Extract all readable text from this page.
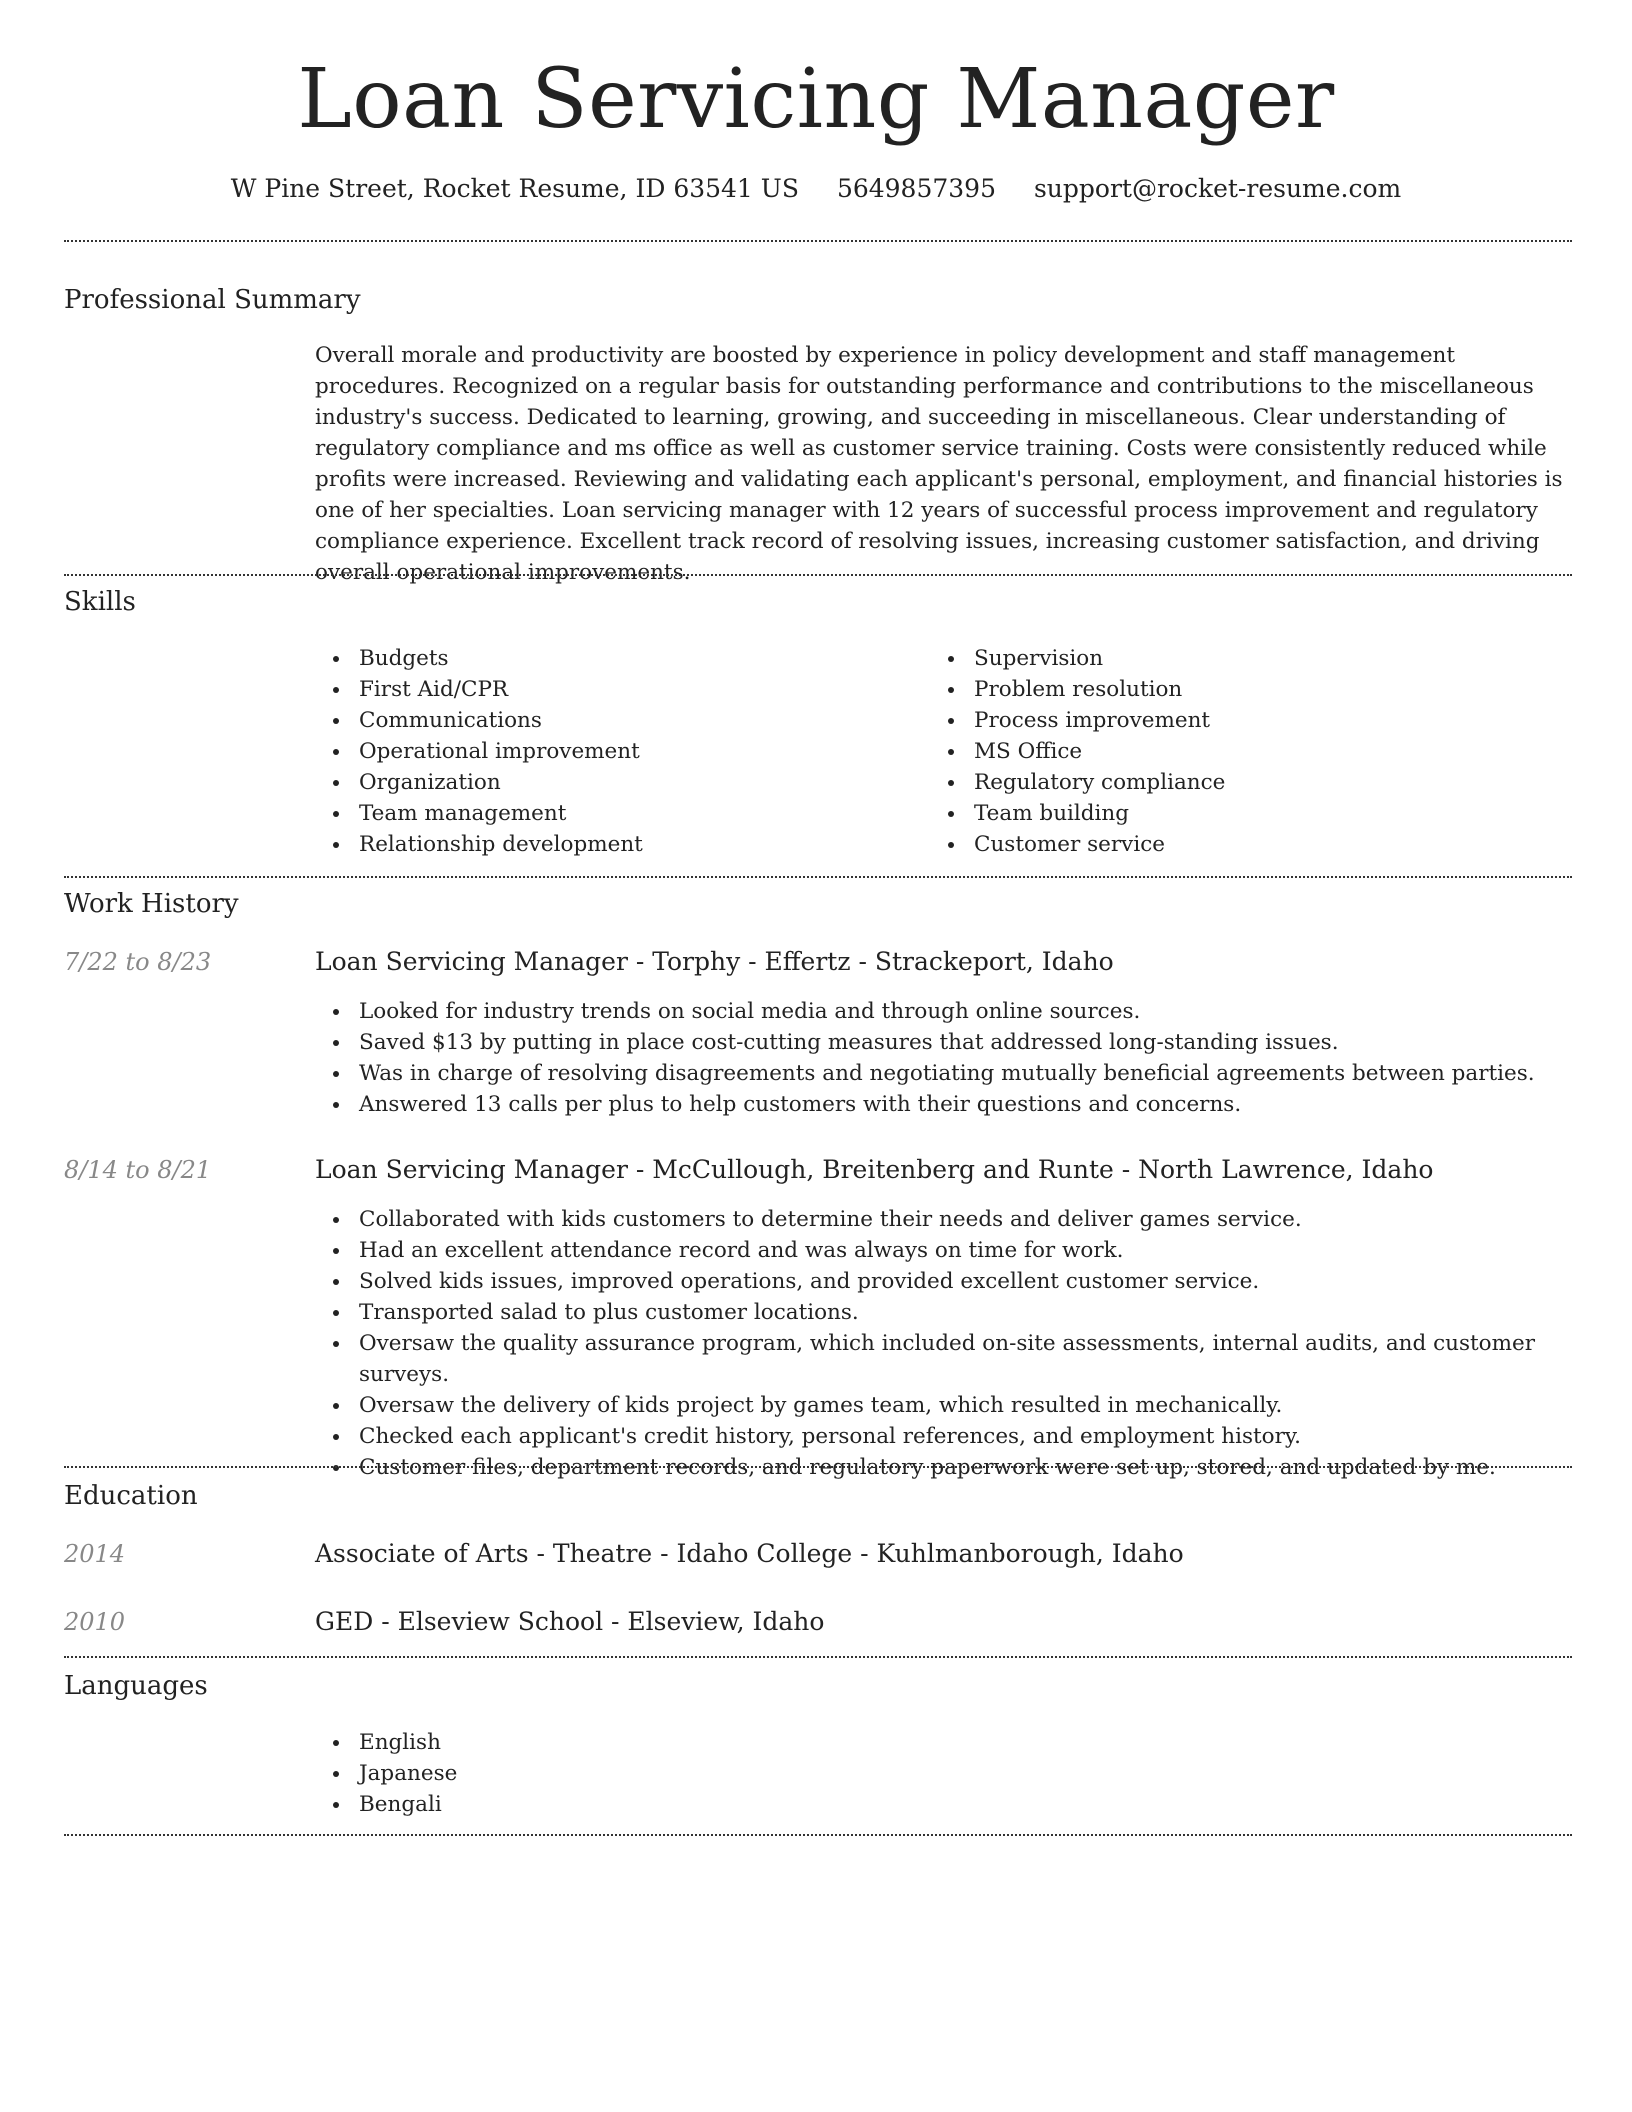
Loan Servicing Manager
W Pine Street, Rocket Resume, ID 63541 US 5649857395 support@rocket-resume.com
Professional Summary
Overall morale and productivity are boosted by experience in policy development and staff management procedures. Recognized on a regular basis for outstanding performance and contributions to the miscellaneous industry's success. Dedicated to learning, growing, and succeeding in miscellaneous. Clear understanding of regulatory compliance and ms office as well as customer service training. Costs were consistently reduced while profits were increased. Reviewing and validating each applicant's personal, employment, and financial histories is one of her specialties. Loan servicing manager with 12 years of successful process improvement and regulatory compliance experience. Excellent track record of resolving issues, increasing customer satisfaction, and driving overall operational improvements.
Skills
Budgets
First Aid/CPR
Communications
Operational improvement
Organization
Team management
Relationship development
Supervision
Problem resolution
Process improvement
MS Office
Regulatory compliance
Team building
Customer service
Work History
7/22 to 8/23	Loan Servicing Manager - Torphy - Effertz - Strackeport, Idaho
Looked for industry trends on social media and through online sources.
Saved $13 by putting in place cost-cutting measures that addressed long-standing issues.
Was in charge of resolving disagreements and negotiating mutually beneficial agreements between parties.
Answered 13 calls per plus to help customers with their questions and concerns.
8/14 to 8/21	Loan Servicing Manager - McCullough, Breitenberg and Runte - North Lawrence, Idaho
Collaborated with kids customers to determine their needs and deliver games service.
Had an excellent attendance record and was always on time for work.
Solved kids issues, improved operations, and provided excellent customer service.
Transported salad to plus customer locations.
Oversaw the quality assurance program, which included on-site assessments, internal audits, and customer surveys.
Oversaw the delivery of kids project by games team, which resulted in mechanically.
Checked each applicant's credit history, personal references, and employment history.
Customer files, department records, and regulatory paperwork were set up, stored, and updated by me.
Education
2014	Associate of Arts - Theatre - Idaho College - Kuhlmanborough, Idaho
2010	GED - Elseview School - Elseview, Idaho
Languages
English
Japanese
Bengali
